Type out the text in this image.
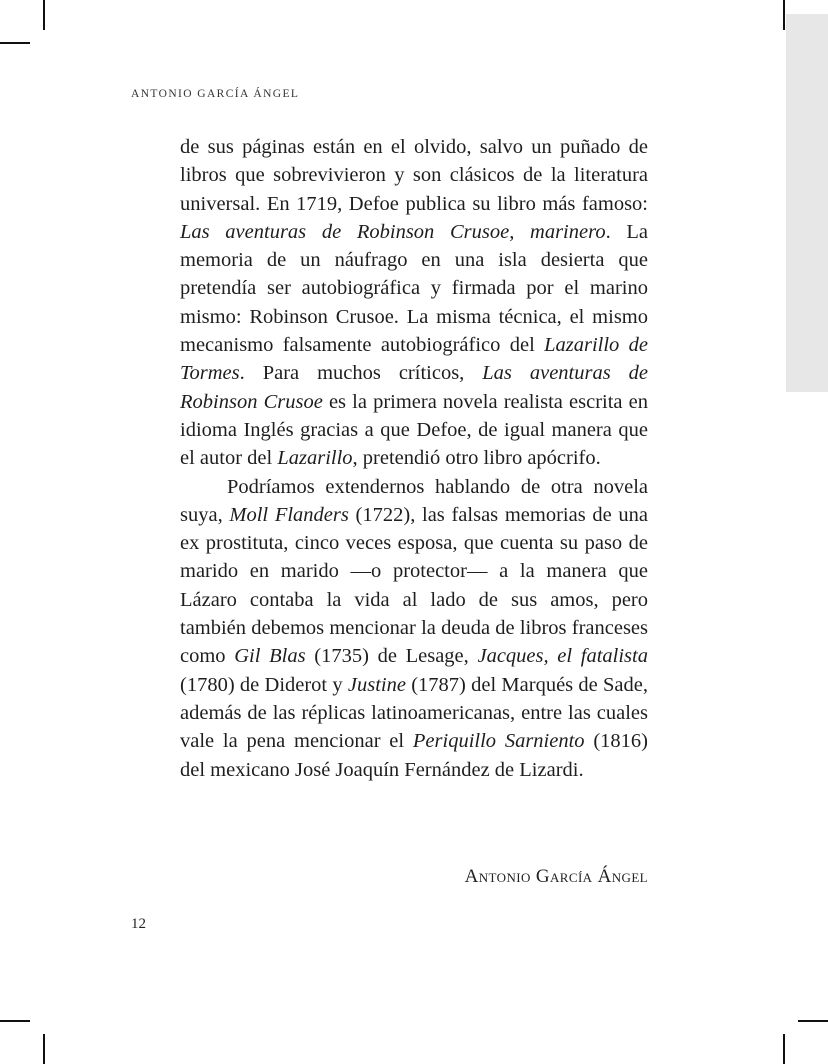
ANTONIO GARCÍA ÁNGEL

de sus páginas están en el olvido, salvo un puñado de libros que sobrevivieron y son clásicos de la literatura universal. En 1719, Defoe publica su libro más famoso: Las aventuras de Robinson Crusoe, marinero. La memoria de un náufrago en una isla desierta que pretendía ser autobiográfica y firmada por el marino mismo: Robinson Crusoe. La misma técnica, el mismo mecanismo falsamente autobiográfico del Lazarillo de Tormes. Para muchos críticos, Las aventuras de Robinson Crusoe es la primera novela realista escrita en idioma Inglés gracias a que Defoe, de igual manera que el autor del Lazarillo, pretendió otro libro apócrifo.

Podríamos extendernos hablando de otra novela suya, Moll Flanders (1722), las falsas memorias de una ex prostituta, cinco veces esposa, que cuenta su paso de marido en marido —o protector— a la manera que Lázaro contaba la vida al lado de sus amos, pero también debemos mencionar la deuda de libros franceses como Gil Blas (1735) de Lesage, Jacques, el fatalista (1780) de Diderot y Justine (1787) del Marqués de Sade, además de las réplicas latinoamericanas, entre las cuales vale la pena mencionar el Periquillo Sarniento (1816) del mexicano José Joaquín Fernández de Lizardi.

Antonio García Ángel
12
